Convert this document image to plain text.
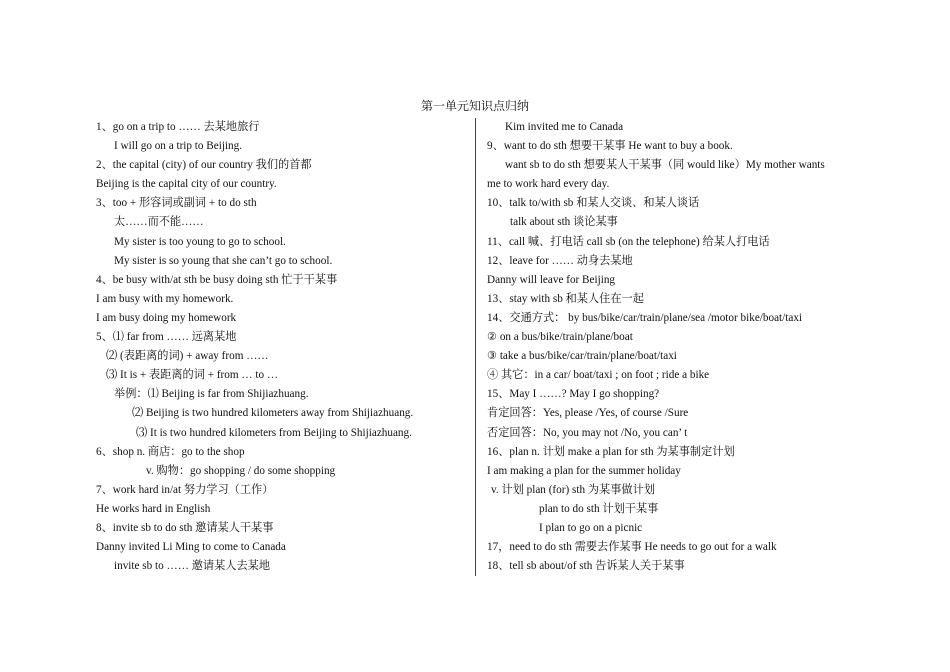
第一单元知识点归纳
1、go on a trip to …… 去某地旅行
I will go on a trip to Beijing.
2、the capital (city) of our country 我们的首都
Beijing is the capital city of our country.
3、too + 形容词或副词 + to do sth
太……而不能……
My sister is too young to go to school.
My sister is so young that she can’t go to school.
4、be busy with/at sth be busy doing sth 忙于干某事
I am busy with my homework.
I am busy doing my homework
5、⑴ far from …… 远离某地
⑵ (表距离的词) + away from ……
⑶ It is + 表距离的词 + from … to …
举例：⑴ Beijing is far from Shijiazhuang.
⑵ Beijing is two hundred kilometers away from Shijiazhuang.
⑶ It is two hundred kilometers from Beijing to Shijiazhuang.
6、shop n. 商店：go to the shop
v. 购物：go shopping / do some shopping
7、work hard in/at 努力学习（工作）
He works hard in English
8、invite sb to do sth 邀请某人干某事
Danny invited Li Ming to come to Canada
invite sb to …… 邀请某人去某地
Kim invited me to Canada
9、want to do sth 想要干某事 He want to buy a book.
want sb to do sth 想要某人干某事（同 would like）My mother wants
me to work hard every day.
10、talk to/with sb 和某人交谈、和某人谈话
talk about sth 谈论某事
11、call 喊、打电话 call sb (on the telephone) 给某人打电话
12、leave for …… 动身去某地
Danny will leave for Beijing
13、stay with sb 和某人住在一起
14、交通方式： by bus/bike/car/train/plane/sea /motor bike/boat/taxi
② on a bus/bike/train/plane/boat
③ take a bus/bike/car/train/plane/boat/taxi
④ 其它：in a car/ boat/taxi ; on foot ; ride a bike
15、May I ……? May I go shopping?
肯定回答：Yes, please /Yes, of course /Sure
否定回答：No, you may not /No, you can’ t
16、plan n. 计划 make a plan for sth 为某事制定计划
I am making a plan for the summer holiday
v. 计划 plan (for) sth 为某事做计划
plan to do sth 计划干某事
I plan to go on a picnic
17，need to do sth 需要去作某事 He needs to go out for a walk
18、tell sb about/of sth 告诉某人关于某事
